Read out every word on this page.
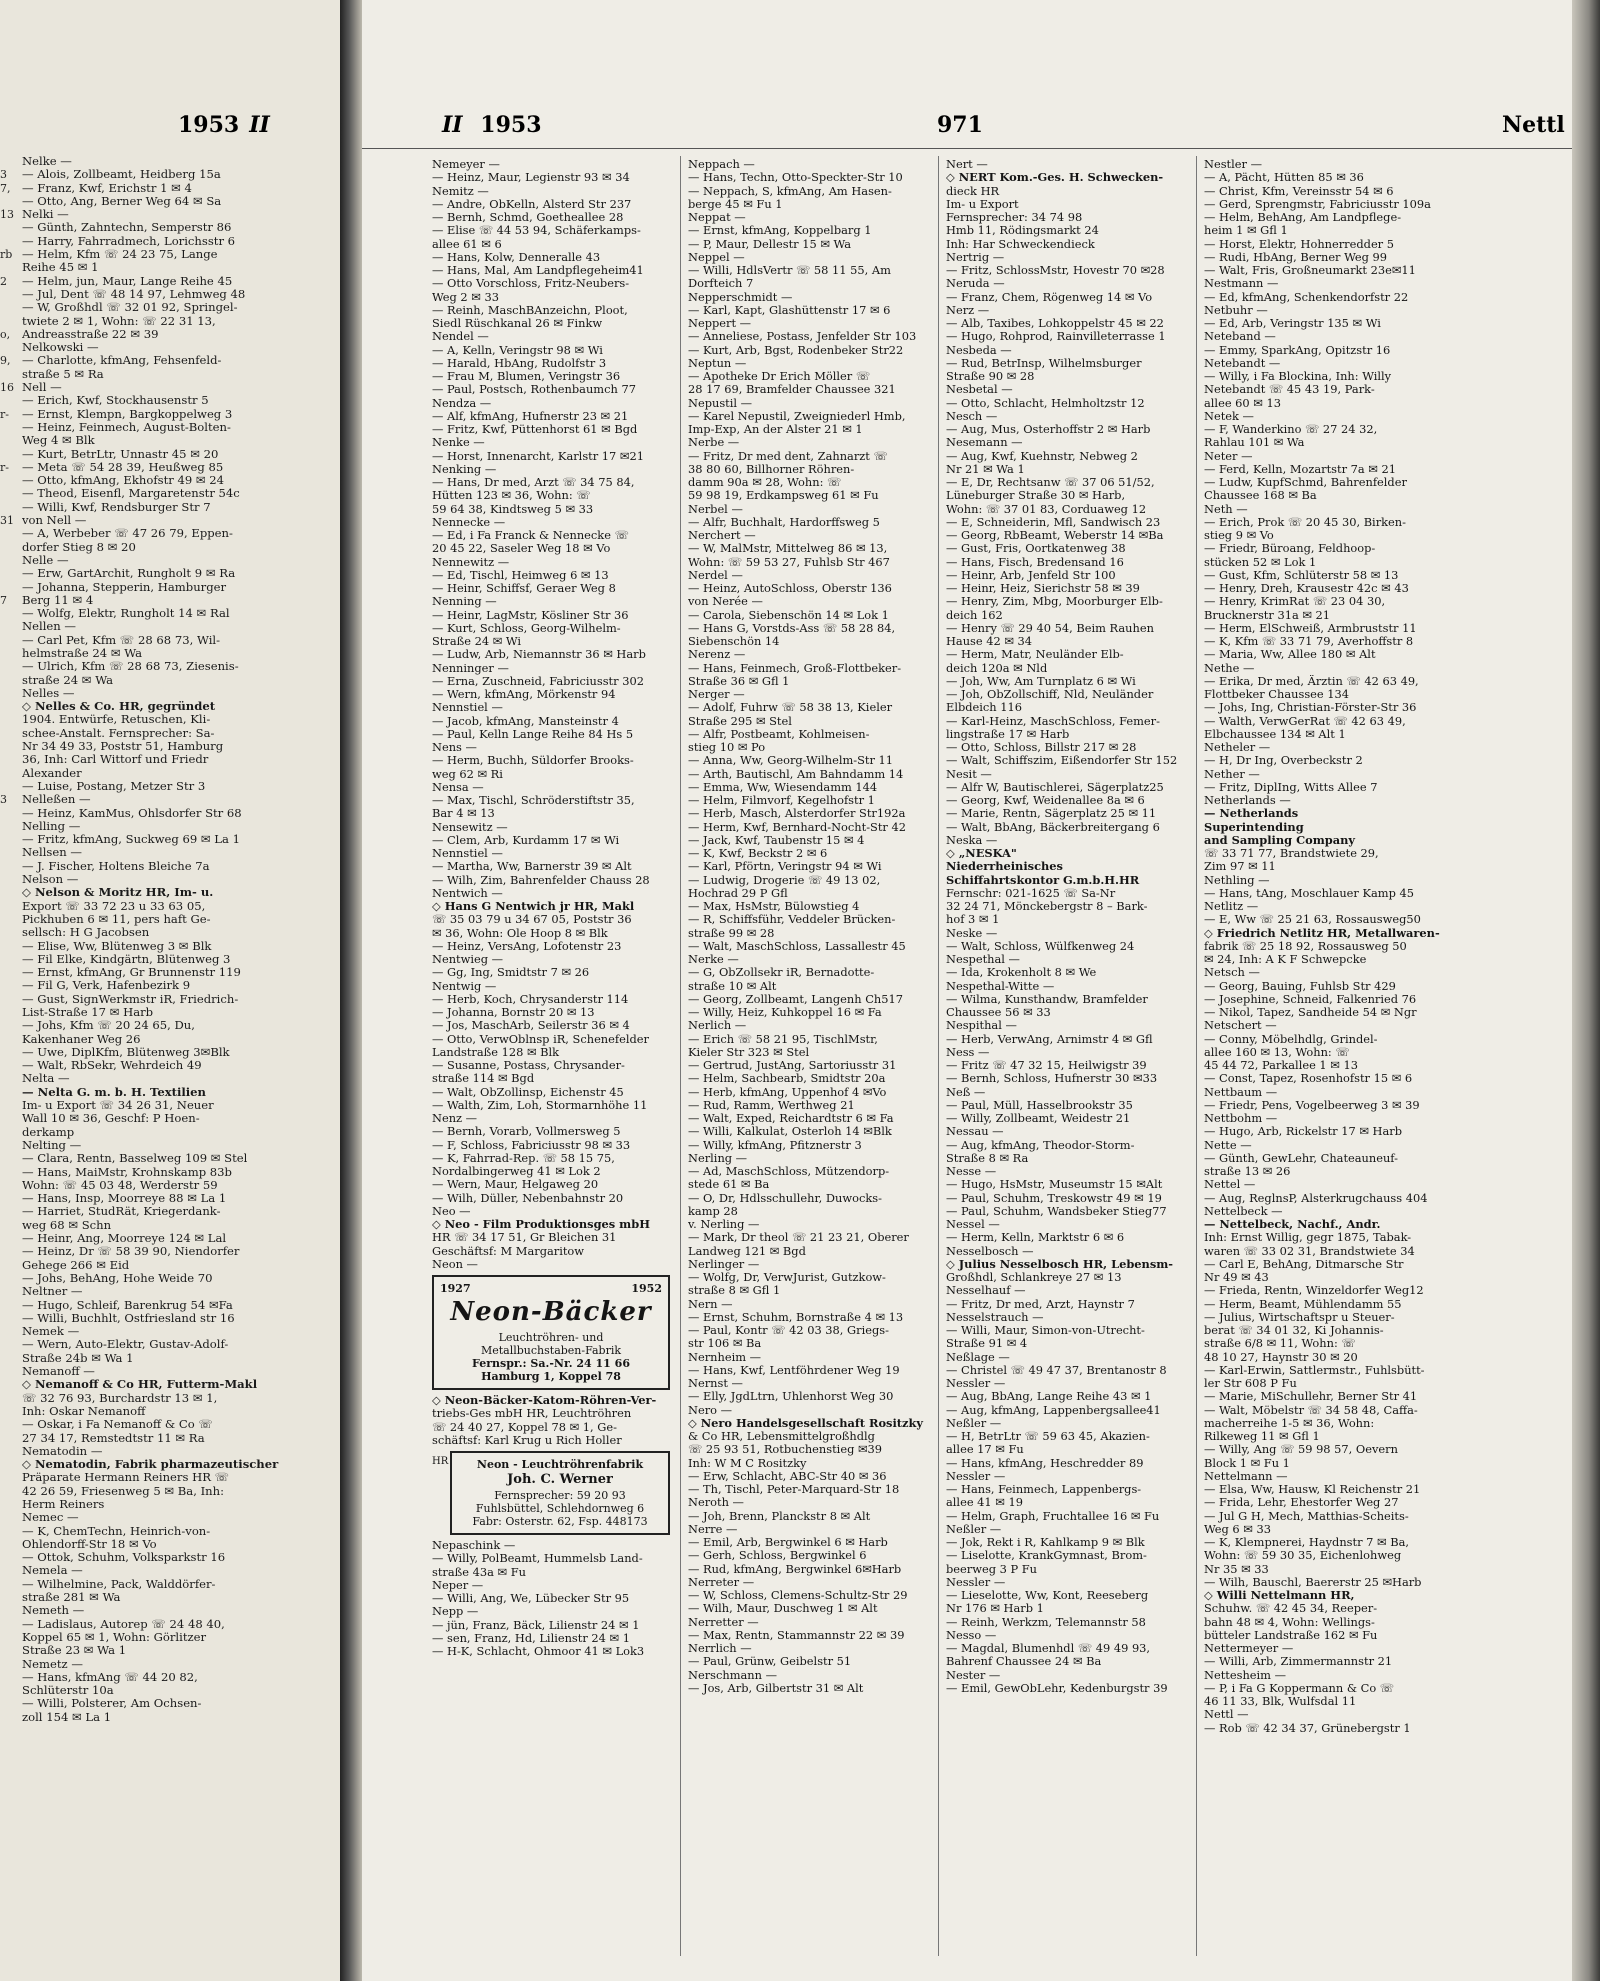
3
7,
13
rb
2
o,
9,
16
r-
r-
31
7
3
1953 II
Nelke —
— Alois, Zollbeamt, Heidberg 15a
— Franz, Kwf, Erichstr 1 ✉ 4
— Otto, Ang, Berner Weg 64 ✉ Sa
Nelki —
— Günth, Zahntechn, Semperstr 86
— Harry, Fahrradmech, Lorichsstr 6
— Helm, Kfm ☏ 24 23 75, Lange
Reihe 45 ✉ 1
— Helm, jun, Maur, Lange Reihe 45
— Jul, Dent ☏ 48 14 97, Lehmweg 48
— W, Großhdl ☏ 32 01 92, Springel-
twiete 2 ✉ 1, Wohn: ☏ 22 31 13,
Andreasstraße 22 ✉ 39
Nelkowski —
— Charlotte, kfmAng, Fehsenfeld-
straße 5 ✉ Ra
Nell —
— Erich, Kwf, Stockhausenstr 5
— Ernst, Klempn, Bargkoppelweg 3
— Heinz, Feinmech, August-Bolten-
Weg 4 ✉ Blk
— Kurt, BetrLtr, Unnastr 45 ✉ 20
— Meta ☏ 54 28 39, Heußweg 85
— Otto, kfmAng, Ekhofstr 49 ✉ 24
— Theod, Eisenfl, Margaretenstr 54c
— Willi, Kwf, Rendsburger Str 7
von Nell —
— A, Werbeber ☏ 47 26 79, Eppen-
dorfer Stieg 8 ✉ 20
Nelle —
— Erw, GartArchit, Rungholt 9 ✉ Ra
— Johanna, Stepperin, Hamburger
Berg 11 ✉ 4
— Wolfg, Elektr, Rungholt 14 ✉ Ral
Nellen —
— Carl Pet, Kfm ☏ 28 68 73, Wil-
helmstraße 24 ✉ Wa
— Ulrich, Kfm ☏ 28 68 73, Ziesenis-
straße 24 ✉ Wa
Nelles —
◇ Nelles & Co. HR, gegründet
1904. Entwürfe, Retuschen, Kli-
schee-Anstalt. Fernsprecher: Sa-
Nr 34 49 33, Poststr 51, Hamburg
36, Inh: Carl Wittorf und Friedr
Alexander
— Luise, Postang, Metzer Str 3
Nelleßen —
— Heinz, KamMus, Ohlsdorfer Str 68
Nelling —
— Fritz, kfmAng, Suckweg 69 ✉ La 1
Nellsen —
— J. Fischer, Holtens Bleiche 7a
Nelson —
◇ Nelson & Moritz HR, Im- u.
Export ☏ 33 72 23 u 33 63 05,
Pickhuben 6 ✉ 11, pers haft Ge-
sellsch: H G Jacobsen
— Elise, Ww, Blütenweg 3 ✉ Blk
— Fil Elke, Kindgärtn, Blütenweg 3
— Ernst, kfmAng, Gr Brunnenstr 119
— Fil G, Verk, Hafenbezirk 9
— Gust, SignWerkmstr iR, Friedrich-
List-Straße 17 ✉ Harb
— Johs, Kfm ☏ 20 24 65, Du,
Kakenhaner Weg 26
— Uwe, DiplKfm, Blütenweg 3✉Blk
— Walt, RbSekr, Wehrdeich 49
Nelta —
— Nelta G. m. b. H. Textilien
Im- u Export ☏ 34 26 31, Neuer
Wall 10 ✉ 36, Geschf: P Hoen-
derkamp
Nelting —
— Clara, Rentn, Basselweg 109 ✉ Stel
— Hans, MaiMstr, Krohnskamp 83b
Wohn: ☏ 45 03 48, Werderstr 59
— Hans, Insp, Moorreye 88 ✉ La 1
— Harriet, StudRät, Kriegerdank-
weg 68 ✉ Schn
— Heinr, Ang, Moorreye 124 ✉ Lal
— Heinz, Dr ☏ 58 39 90, Niendorfer
Gehege 266 ✉ Eid
— Johs, BehAng, Hohe Weide 70
Neltner —
— Hugo, Schleif, Barenkrug 54 ✉Fa
— Willi, Buchhlt, Ostfriesland str 16
Nemek —
— Wern, Auto-Elektr, Gustav-Adolf-
Straße 24b ✉ Wa 1
Nemanoff —
◇ Nemanoff & Co HR, Futterm-Makl
☏ 32 76 93, Burchardstr 13 ✉ 1,
Inh: Oskar Nemanoff
— Oskar, i Fa Nemanoff & Co ☏
27 34 17, Remstedtstr 11 ✉ Ra
Nematodin —
◇ Nematodin, Fabrik pharmazeutischer
Präparate Hermann Reiners HR ☏
42 26 59, Friesenweg 5 ✉ Ba, Inh:
Herm Reiners
Nemec —
— K, ChemTechn, Heinrich-von-
Ohlendorff-Str 18 ✉ Vo
— Ottok, Schuhm, Volksparkstr 16
Nemela —
— Wilhelmine, Pack, Walddörfer-
straße 281 ✉ Wa
Nemeth —
— Ladislaus, Autorep ☏ 24 48 40,
Koppel 65 ✉ 1, Wohn: Görlitzer
Straße 23 ✉ Wa 1
Nemetz —
— Hans, kfmAng ☏ 44 20 82,
Schlüterstr 10a
— Willi, Polsterer, Am Ochsen-
zoll 154 ✉ La 1
II 1953	971	Nettl
Nemeyer —
— Heinz, Maur, Legienstr 93 ✉ 34
Nemitz —
— Andre, ObKelln, Alsterd Str 237
— Bernh, Schmd, Goetheallee 28
— Elise ☏ 44 53 94, Schäferkamps-
allee 61 ✉ 6
— Hans, Kolw, Denneralle 43
— Hans, Mal, Am Landpflegeheim41
— Otto Vorschloss, Fritz-Neubers-
Weg 2 ✉ 33
— Reinh, MaschBAnzeichn, Ploot,
Siedl Rüschkanal 26 ✉ Finkw
Nendel —
— A, Kelln, Veringstr 98 ✉ Wi
— Harald, HbAng, Rudolfstr 3
— Frau M, Blumen, Veringstr 36
— Paul, Postsch, Rothenbaumch 77
Nendza —
— Alf, kfmAng, Hufnerstr 23 ✉ 21
— Fritz, Kwf, Püttenhorst 61 ✉ Bgd
Nenke —
— Horst, Innenarcht, Karlstr 17 ✉21
Nenking —
— Hans, Dr med, Arzt ☏ 34 75 84,
Hütten 123 ✉ 36, Wohn: ☏
59 64 38, Kindtsweg 5 ✉ 33
Nennecke —
— Ed, i Fa Franck & Nennecke ☏
20 45 22, Saseler Weg 18 ✉ Vo
Nennewitz —
— Ed, Tischl, Heimweg 6 ✉ 13
— Heinr, Schiffsf, Geraer Weg 8
Nenning —
— Heinr, LagMstr, Kösliner Str 36
— Kurt, Schloss, Georg-Wilhelm-
Straße 24 ✉ Wi
— Ludw, Arb, Niemannstr 36 ✉ Harb
Nenninger —
— Erna, Zuschneid, Fabriciusstr 302
— Wern, kfmAng, Mörkenstr 94
Nennstiel —
— Jacob, kfmAng, Mansteinstr 4
— Paul, Kelln Lange Reihe 84 Hs 5
Nens —
— Herm, Buchh, Süldorfer Brooks-
weg 62 ✉ Ri
Nensa —
— Max, Tischl, Schröderstiftstr 35,
Bar 4 ✉ 13
Nensewitz —
— Clem, Arb, Kurdamm 17 ✉ Wi
Nennstiel —
— Martha, Ww, Barnerstr 39 ✉ Alt
— Wilh, Zim, Bahrenfelder Chauss 28
Nentwich —
◇ Hans G Nentwich jr HR, Makl
☏ 35 03 79 u 34 67 05, Poststr 36
✉ 36, Wohn: Ole Hoop 8 ✉ Blk
— Heinz, VersAng, Lofotenstr 23
Nentwieg —
— Gg, Ing, Smidtstr 7 ✉ 26
Nentwig —
— Herb, Koch, Chrysanderstr 114
— Johanna, Bornstr 20 ✉ 13
— Jos, MaschArb, Seilerstr 36 ✉ 4
— Otto, VerwOblnsp iR, Schenefelder
Landstraße 128 ✉ Blk
— Susanne, Postass, Chrysander-
straße 114 ✉ Bgd
— Walt, ObZollinsp, Eichenstr 45
— Walth, Zim, Loh, Stormarnhöhe 11
Nenz —
— Bernh, Vorarb, Vollmersweg 5
— F, Schloss, Fabriciusstr 98 ✉ 33
— K, Fahrrad-Rep. ☏ 58 15 75,
Nordalbingerweg 41 ✉ Lok 2
— Wern, Maur, Helgaweg 20
— Wilh, Düller, Nebenbahnstr 20
Neo —
◇ Neo - Film Produktionsges mbH
HR ☏ 34 17 51, Gr Bleichen 31
Geschäftsf: M Margaritow
Neon —
1927	1952
Neon-Bäcker
Leuchtröhren- und
Metallbuchstaben-Fabrik
Fernspr.: Sa.-Nr. 24 11 66
Hamburg 1, Koppel 78
◇ Neon-Bäcker-Katom-Röhren-Ver-
triebs-Ges mbH HR, Leuchtröhren
☏ 24 40 27, Koppel 78 ✉ 1, Ge-
schäftsf: Karl Krug u Rich Holler
HR	Neon - Leuchtröhrenfabrik
Joh. C. Werner
Fernsprecher: 59 20 93
Fuhlsbüttel, Schlehdornweg 6
Fabr: Osterstr. 62, Fsp. 448173
Nepaschink —
— Willy, PolBeamt, Hummelsb Land-
straße 43a ✉ Fu
Neper —
— Willi, Ang, We, Lübecker Str 95
Nepp —
— jün, Franz, Bäck, Lilienstr 24 ✉ 1
— sen, Franz, Hd, Lilienstr 24 ✉ 1
— H-K, Schlacht, Ohmoor 41 ✉ Lok3
Neppach —
— Hans, Techn, Otto-Speckter-Str 10
— Neppach, S, kfmAng, Am Hasen-
berge 45 ✉ Fu 1
Neppat —
— Ernst, kfmAng, Koppelbarg 1
— P, Maur, Dellestr 15 ✉ Wa
Neppel —
— Willi, HdlsVertr ☏ 58 11 55, Am
Dorfteich 7
Nepperschmidt —
— Karl, Kapt, Glashüttenstr 17 ✉ 6
Neppert —
— Anneliese, Postass, Jenfelder Str 103
— Kurt, Arb, Bgst, Rodenbeker Str22
Neptun —
— Apotheke Dr Erich Möller ☏
28 17 69, Bramfelder Chaussee 321
Nepustil —
— Karel Nepustil, Zweigniederl Hmb,
Imp-Exp, An der Alster 21 ✉ 1
Nerbe —
— Fritz, Dr med dent, Zahnarzt ☏
38 80 60, Billhorner Röhren-
damm 90a ✉ 28, Wohn: ☏
59 98 19, Erdkampsweg 61 ✉ Fu
Nerbel —
— Alfr, Buchhalt, Hardorffsweg 5
Nerchert —
— W, MalMstr, Mittelweg 86 ✉ 13,
Wohn: ☏ 59 53 27, Fuhlsb Str 467
Nerdel —
— Heinz, AutoSchloss, Oberstr 136
von Nerée —
— Carola, Siebenschön 14 ✉ Lok 1
— Hans G, Vorstds-Ass ☏ 58 28 84,
Siebenschön 14
Nerenz —
— Hans, Feinmech, Groß-Flottbeker-
Straße 36 ✉ Gfl 1
Nerger —
— Adolf, Fuhrw ☏ 58 38 13, Kieler
Straße 295 ✉ Stel
— Alfr, Postbeamt, Kohlmeisen-
stieg 10 ✉ Po
— Anna, Ww, Georg-Wilhelm-Str 11
— Arth, Bautischl, Am Bahndamm 14
— Emma, Ww, Wiesendamm 144
— Helm, Filmvorf, Kegelhofstr 1
— Herb, Masch, Alsterdorfer Str192a
— Herm, Kwf, Bernhard-Nocht-Str 42
— Jack, Kwf, Taubenstr 15 ✉ 4
— K, Kwf, Beckstr 2 ✉ 6
— Karl, Pförtn, Veringstr 94 ✉ Wi
— Ludwig, Drogerie ☏ 49 13 02,
Hochrad 29 P Gfl
— Max, HsMstr, Bülowstieg 4
— R, Schiffsführ, Veddeler Brücken-
straße 99 ✉ 28
— Walt, MaschSchloss, Lassallestr 45
Nerke —
— G, ObZollsekr iR, Bernadotte-
straße 10 ✉ Alt
— Georg, Zollbeamt, Langenh Ch517
— Willy, Heiz, Kuhkoppel 16 ✉ Fa
Nerlich —
— Erich ☏ 58 21 95, TischlMstr,
Kieler Str 323 ✉ Stel
— Gertrud, JustAng, Sartoriusstr 31
— Helm, Sachbearb, Smidtstr 20a
— Herb, kfmAng, Uppenhof 4 ✉Vo
— Rud, Ramm, Werthweg 21
— Walt, Exped, Reichardtstr 6 ✉ Fa
— Willi, Kalkulat, Osterloh 14 ✉Blk
— Willy, kfmAng, Pfitznerstr 3
Nerling —
— Ad, MaschSchloss, Mützendorp-
stede 61 ✉ Ba
— O, Dr, Hdlsschullehr, Duwocks-
kamp 28
v. Nerling —
— Mark, Dr theol ☏ 21 23 21, Oberer
Landweg 121 ✉ Bgd
Nerlinger —
— Wolfg, Dr, VerwJurist, Gutzkow-
straße 8 ✉ Gfl 1
Nern —
— Ernst, Schuhm, Bornstraße 4 ✉ 13
— Paul, Kontr ☏ 42 03 38, Griegs-
str 106 ✉ Ba
Nernheim —
— Hans, Kwf, Lentföhrdener Weg 19
Nernst —
— Elly, JgdLtrn, Uhlenhorst Weg 30
Nero —
◇ Nero Handelsgesellschaft Rositzky
& Co HR, Lebensmittelgroßhdlg
☏ 25 93 51, Rotbuchenstieg ✉39
Inh: W M C Rositzky
— Erw, Schlacht, ABC-Str 40 ✉ 36
— Th, Tischl, Peter-Marquard-Str 18
Neroth —
— Joh, Brenn, Planckstr 8 ✉ Alt
Nerre —
— Emil, Arb, Bergwinkel 6 ✉ Harb
— Gerh, Schloss, Bergwinkel 6
— Rud, kfmAng, Bergwinkel 6✉Harb
Nerreter —
— W, Schloss, Clemens-Schultz-Str 29
— Wilh, Maur, Duschweg 1 ✉ Alt
Nerretter —
— Max, Rentn, Stammannstr 22 ✉ 39
Nerrlich —
— Paul, Grünw, Geibelstr 51
Nerschmann —
— Jos, Arb, Gilbertstr 31 ✉ Alt
Nert —
◇ NERT Kom.-Ges. H. Schwecken-
dieck HR
Im- u Export
Fernsprecher: 34 74 98
Hmb 11, Rödingsmarkt 24
Inh: Har Schweckendieck
Nertrig —
— Fritz, SchlossMstr, Hovestr 70 ✉28
Neruda —
— Franz, Chem, Rögenweg 14 ✉ Vo
Nerz —
— Alb, Taxibes, Lohkoppelstr 45 ✉ 22
— Hugo, Rohprod, Rainvilleterrasse 1
Nesbeda —
— Rud, BetrInsp, Wilhelmsburger
Straße 90 ✉ 28
Nesbetal —
— Otto, Schlacht, Helmholtzstr 12
Nesch —
— Aug, Mus, Osterhoffstr 2 ✉ Harb
Nesemann —
— Aug, Kwf, Kuehnstr, Nebweg 2
Nr 21 ✉ Wa 1
— E, Dr, Rechtsanw ☏ 37 06 51/52,
Lüneburger Straße 30 ✉ Harb,
Wohn: ☏ 37 01 83, Corduaweg 12
— E, Schneiderin, Mfl, Sandwisch 23
— Georg, RbBeamt, Weberstr 14 ✉Ba
— Gust, Fris, Oortkatenweg 38
— Hans, Fisch, Bredensand 16
— Heinr, Arb, Jenfeld Str 100
— Heinr, Heiz, Sierichstr 58 ✉ 39
— Henry, Zim, Mbg, Moorburger Elb-
deich 162
— Henry ☏ 29 40 54, Beim Rauhen
Hause 42 ✉ 34
— Herm, Matr, Neuländer Elb-
deich 120a ✉ Nld
— Joh, Ww, Am Turnplatz 6 ✉ Wi
— Joh, ObZollschiff, Nld, Neuländer
Elbdeich 116
— Karl-Heinz, MaschSchloss, Femer-
lingstraße 17 ✉ Harb
— Otto, Schloss, Billstr 217 ✉ 28
— Walt, Schiffszim, Eißendorfer Str 152
Nesit —
— Alfr W, Bautischlerei, Sägerplatz25
— Georg, Kwf, Weidenallee 8a ✉ 6
— Marie, Rentn, Sägerplatz 25 ✉ 11
— Walt, BbAng, Bäckerbreitergang 6
Neska —
◇ „NESKA"
Niederrheinisches
Schiffahrtskontor G.m.b.H.HR
Fernschr: 021-1625 ☏ Sa-Nr
32 24 71, Mönckebergstr 8 – Bark-
hof 3 ✉ 1
Neske —
— Walt, Schloss, Wülfkenweg 24
Nespethal —
— Ida, Krokenholt 8 ✉ We
Nespethal-Witte —
— Wilma, Kunsthandw, Bramfelder
Chaussee 56 ✉ 33
Nespithal —
— Herb, VerwAng, Arnimstr 4 ✉ Gfl
Ness —
— Fritz ☏ 47 32 15, Heilwigstr 39
— Bernh, Schloss, Hufnerstr 30 ✉33
Neß —
— Paul, Müll, Hasselbrookstr 35
— Willy, Zollbeamt, Weidestr 21
Nessau —
— Aug, kfmAng, Theodor-Storm-
Straße 8 ✉ Ra
Nesse —
— Hugo, HsMstr, Museumstr 15 ✉Alt
— Paul, Schuhm, Treskowstr 49 ✉ 19
— Paul, Schuhm, Wandsbeker Stieg77
Nessel —
— Herm, Kelln, Marktstr 6 ✉ 6
Nesselbosch —
◇ Julius Nesselbosch HR, Lebensm-
Großhdl, Schlankreye 27 ✉ 13
Nesselhauf —
— Fritz, Dr med, Arzt, Haynstr 7
Nesselstrauch —
— Willi, Maur, Simon-von-Utrecht-
Straße 91 ✉ 4
Neßlage —
— Christel ☏ 49 47 37, Brentanostr 8
Nessler —
— Aug, BbAng, Lange Reihe 43 ✉ 1
— Aug, kfmAng, Lappenbergsallee41
Neßler —
— H, BetrLtr ☏ 59 63 45, Akazien-
allee 17 ✉ Fu
— Hans, kfmAng, Heschredder 89
Nessler —
— Hans, Feinmech, Lappenbergs-
allee 41 ✉ 19
— Helm, Graph, Fruchtallee 16 ✉ Fu
Neßler —
— Jok, Rekt i R, Kahlkamp 9 ✉ Blk
— Liselotte, KrankGymnast, Brom-
beerweg 3 P Fu
Nessler —
— Lieselotte, Ww, Kont, Reeseberg
Nr 176 ✉ Harb 1
— Reinh, Werkzm, Telemannstr 58
Nesso —
— Magdal, Blumenhdl ☏ 49 49 93,
Bahrenf Chaussee 24 ✉ Ba
Nester —
— Emil, GewObLehr, Kedenburgstr 39
Nestler —
— A, Pächt, Hütten 85 ✉ 36
— Christ, Kfm, Vereinsstr 54 ✉ 6
— Gerd, Sprengmstr, Fabriciusstr 109a
— Helm, BehAng, Am Landpflege-
heim 1 ✉ Gfl 1
— Horst, Elektr, Hohnerredder 5
— Rudi, HbAng, Berner Weg 99
— Walt, Fris, Großneumarkt 23e✉11
Nestmann —
— Ed, kfmAng, Schenkendorfstr 22
Netbuhr —
— Ed, Arb, Veringstr 135 ✉ Wi
Neteband —
— Emmy, SparkAng, Opitzstr 16
Netebandt —
— Willy, i Fa Blockina, Inh: Willy
Netebandt ☏ 45 43 19, Park-
allee 60 ✉ 13
Netek —
— F, Wanderkino ☏ 27 24 32,
Rahlau 101 ✉ Wa
Neter —
— Ferd, Kelln, Mozartstr 7a ✉ 21
— Ludw, KupfSchmd, Bahrenfelder
Chaussee 168 ✉ Ba
Neth —
— Erich, Prok ☏ 20 45 30, Birken-
stieg 9 ✉ Vo
— Friedr, Büroang, Feldhoop-
stücken 52 ✉ Lok 1
— Gust, Kfm, Schlüterstr 58 ✉ 13
— Henry, Dreh, Krausestr 42c ✉ 43
— Henry, KrimRat ☏ 23 04 30,
Brucknerstr 31a ✉ 21
— Herm, ElSchweiß, Armbruststr 11
— K, Kfm ☏ 33 71 79, Averhoffstr 8
— Maria, Ww, Allee 180 ✉ Alt
Nethe —
— Erika, Dr med, Ärztin ☏ 42 63 49,
Flottbeker Chaussee 134
— Johs, Ing, Christian-Förster-Str 36
— Walth, VerwGerRat ☏ 42 63 49,
Elbchaussee 134 ✉ Alt 1
Netheler —
— H, Dr Ing, Overbeckstr 2
Nether —
— Fritz, DiplIng, Witts Allee 7
Netherlands —
— Netherlands
Superintending
and Sampling Company
☏ 33 71 77, Brandstwiete 29,
Zim 97 ✉ 11
Nethling —
— Hans, tAng, Moschlauer Kamp 45
Netlitz —
— E, Ww ☏ 25 21 63, Rossausweg50
◇ Friedrich Netlitz HR, Metallwaren-
fabrik ☏ 25 18 92, Rossausweg 50
✉ 24, Inh: A K F Schwepcke
Netsch —
— Georg, Bauing, Fuhlsb Str 429
— Josephine, Schneid, Falkenried 76
— Nikol, Tapez, Sandheide 54 ✉ Ngr
Netschert —
— Conny, Möbelhdlg, Grindel-
allee 160 ✉ 13, Wohn: ☏
45 44 72, Parkallee 1 ✉ 13
— Const, Tapez, Rosenhofstr 15 ✉ 6
Nettbaum —
— Friedr, Pens, Vogelbeerweg 3 ✉ 39
Nettbohm —
— Hugo, Arb, Rickelstr 17 ✉ Harb
Nette —
— Günth, GewLehr, Chateauneuf-
straße 13 ✉ 26
Nettel —
— Aug, ReglnsP, Alsterkrugchauss 404
Nettelbeck —
— Nettelbeck, Nachf., Andr.
Inh: Ernst Willig, gegr 1875, Tabak-
waren ☏ 33 02 31, Brandstwiete 34
— Carl E, BehAng, Ditmarsche Str
Nr 49 ✉ 43
— Frieda, Rentn, Winzeldorfer Weg12
— Herm, Beamt, Mühlendamm 55
— Julius, Wirtschaftspr u Steuer-
berat ☏ 34 01 32, Ki Johannis-
straße 6/8 ✉ 11, Wohn: ☏
48 10 27, Haynstr 30 ✉ 20
— Karl-Erwin, Sattlermstr., Fuhlsbütt-
ler Str 608 P Fu
— Marie, MiSchullehr, Berner Str 41
— Walt, Möbelstr ☏ 34 58 48, Caffa-
macherreihe 1-5 ✉ 36, Wohn:
Rilkeweg 11 ✉ Gfl 1
— Willy, Ang ☏ 59 98 57, Oevern
Block 1 ✉ Fu 1
Nettelmann —
— Elsa, Ww, Hausw, Kl Reichenstr 21
— Frida, Lehr, Ehestorfer Weg 27
— Jul G H, Mech, Matthias-Scheits-
Weg 6 ✉ 33
— K, Klempnerei, Haydnstr 7 ✉ Ba,
Wohn: ☏ 59 30 35, Eichenlohweg
Nr 35 ✉ 33
— Wilh, Bauschl, Baererstr 25 ✉Harb
◇ Willi Nettelmann HR,
Schuhw. ☏ 42 45 34, Reeper-
bahn 48 ✉ 4, Wohn: Wellings-
bütteler Landstraße 162 ✉ Fu
Nettermeyer —
— Willi, Arb, Zimmermannstr 21
Nettesheim —
— P, i Fa G Koppermann & Co ☏
46 11 33, Blk, Wulfsdal 11
Nettl —
— Rob ☏ 42 34 37, Grünebergstr 1
